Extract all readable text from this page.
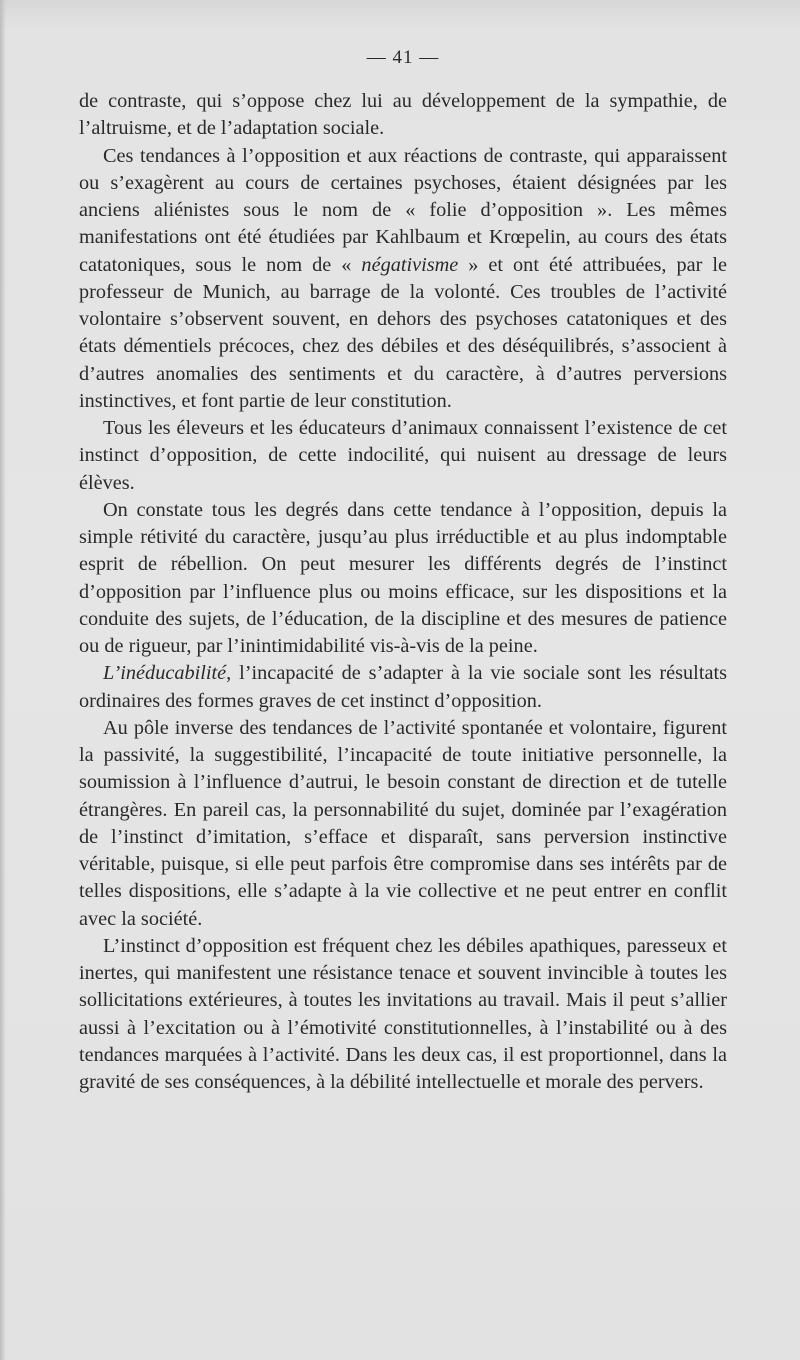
— 41 —

de contraste, qui s’oppose chez lui au développement de la sympathie, de l’altruisme, et de l’adaptation sociale.

Ces tendances à l’opposition et aux réactions de contraste, qui apparaissent ou s’exagèrent au cours de certaines psychoses, étaient désignées par les anciens aliénistes sous le nom de « folie d’opposition ». Les mêmes manifestations ont été étudiées par Kahlbaum et Krœpelin, au cours des états catatoniques, sous le nom de « négativisme » et ont été attribuées, par le professeur de Munich, au barrage de la volonté. Ces troubles de l’activité volontaire s’observent souvent, en dehors des psychoses catatoniques et des états démentiels précoces, chez des débiles et des déséquilibrés, s’associent à d’autres anomalies des sentiments et du caractère, à d’autres perversions instinctives, et font partie de leur constitution.

Tous les éleveurs et les éducateurs d’animaux connaissent l’existence de cet instinct d’opposition, de cette indocilité, qui nuisent au dressage de leurs élèves.

On constate tous les degrés dans cette tendance à l’opposition, depuis la simple rétivité du caractère, jusqu’au plus irréductible et au plus indomptable esprit de rébellion. On peut mesurer les différents degrés de l’instinct d’opposition par l’influence plus ou moins efficace, sur les dispositions et la conduite des sujets, de l’éducation, de la discipline et des mesures de patience ou de rigueur, par l’inintimidabilité vis-à-vis de la peine.

L’inéducabilité, l’incapacité de s’adapter à la vie sociale sont les résultats ordinaires des formes graves de cet instinct d’opposition.

Au pôle inverse des tendances de l’activité spontanée et volontaire, figurent la passivité, la suggestibilité, l’incapacité de toute initiative personnelle, la soumission à l’influence d’autrui, le besoin constant de direction et de tutelle étrangères. En pareil cas, la personnabilité du sujet, dominée par l’exagération de l’instinct d’imitation, s’efface et disparaît, sans perversion instinctive véritable, puisque, si elle peut parfois être compromise dans ses intérêts par de telles dispositions, elle s’adapte à la vie collective et ne peut entrer en conflit avec la société.

L’instinct d’opposition est fréquent chez les débiles apathiques, paresseux et inertes, qui manifestent une résistance tenace et souvent invincible à toutes les sollicitations extérieures, à toutes les invitations au travail. Mais il peut s’allier aussi à l’excitation ou à l’émotivité constitutionnelles, à l’instabilité ou à des tendances marquées à l’activité. Dans les deux cas, il est proportionnel, dans la gravité de ses conséquences, à la débilité intellectuelle et morale des pervers.
